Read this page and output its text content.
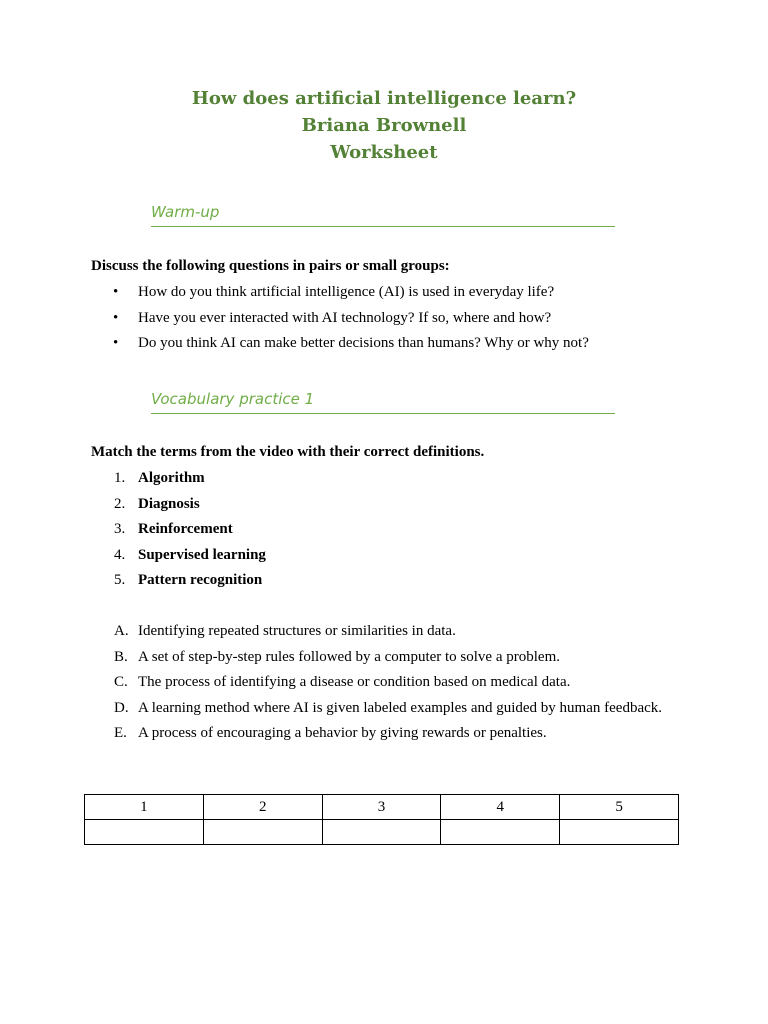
How does artificial intelligence learn?
Briana Brownell
Worksheet
Warm-up
Discuss the following questions in pairs or small groups:
• How do you think artificial intelligence (AI) is used in everyday life?
• Have you ever interacted with AI technology? If so, where and how?
• Do you think AI can make better decisions than humans? Why or why not?
Vocabulary practice 1
Match the terms from the video with their correct definitions.
1. Algorithm
2. Diagnosis
3. Reinforcement
4. Supervised learning
5. Pattern recognition
A. Identifying repeated structures or similarities in data.
B. A set of step-by-step rules followed by a computer to solve a problem.
C. The process of identifying a disease or condition based on medical data.
D. A learning method where AI is given labeled examples and guided by human feedback.
E. A process of encouraging a behavior by giving rewards or penalties.
1	2	3	4	5
